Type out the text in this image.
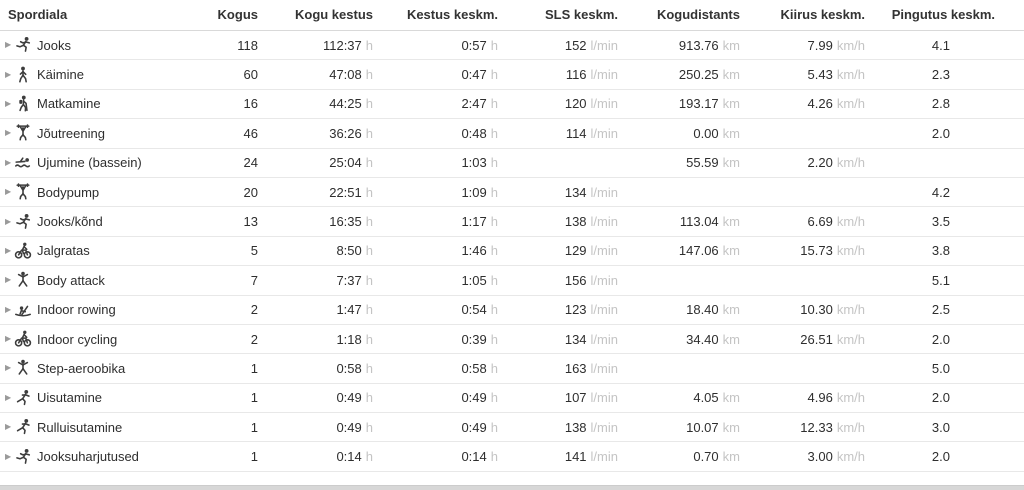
Spordiala	Kogus	Kogu kestus	Kestus keskm.	SLS keskm.	Kogudistants	Kiirus keskm.	Pingutus keskm.

▶ Jooks	118	112:37 h	0:57 h	152 l/min	913.76 km	7.99 km/h	4.1

▶ Käimine	60	47:08 h	0:47 h	116 l/min	250.25 km	5.43 km/h	2.3

▶ Matkamine	16	44:25 h	2:47 h	120 l/min	193.17 km	4.26 km/h	2.8

▶ Jõutreening	46	36:26 h	0:48 h	114 l/min	0.00 km		2.0

▶ Ujumine (bassein)	24	25:04 h	1:03 h		55.59 km	2.20 km/h	

▶ Bodypump	20	22:51 h	1:09 h	134 l/min			4.2

▶ Jooks/kõnd	13	16:35 h	1:17 h	138 l/min	113.04 km	6.69 km/h	3.5

▶ Jalgratas	5	8:50 h	1:46 h	129 l/min	147.06 km	15.73 km/h	3.8

▶ Body attack	7	7:37 h	1:05 h	156 l/min			5.1

▶ Indoor rowing	2	1:47 h	0:54 h	123 l/min	18.40 km	10.30 km/h	2.5

▶ Indoor cycling	2	1:18 h	0:39 h	134 l/min	34.40 km	26.51 km/h	2.0

▶ Step-aeroobika	1	0:58 h	0:58 h	163 l/min			5.0

▶ Uisutamine	1	0:49 h	0:49 h	107 l/min	4.05 km	4.96 km/h	2.0

▶ Rulluisutamine	1	0:49 h	0:49 h	138 l/min	10.07 km	12.33 km/h	3.0

▶ Jooksuharjutused	1	0:14 h	0:14 h	141 l/min	0.70 km	3.00 km/h	2.0
